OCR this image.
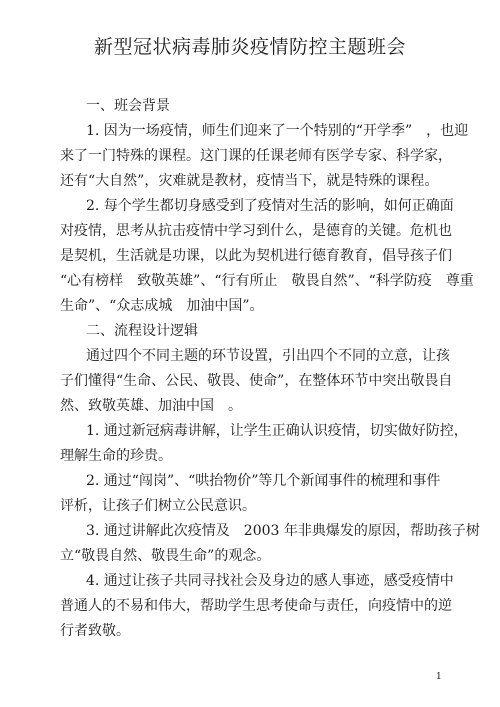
新型冠状病毒肺炎疫情防控主题班会
一、班会背景
1. 因为一场疫情，师生们迎来了一个特别的“开学季”　，也迎
来了一门特殊的课程。这门课的任课老师有医学专家、科学家，
还有“大自然”，灾难就是教材，疫情当下，就是特殊的课程。
2. 每个学生都切身感受到了疫情对生活的影响，如何正确面
对疫情，思考从抗击疫情中学习到什么，是德育的关键。危机也
是契机，生活就是功课，以此为契机进行德育教育，倡导孩子们
“心有榜样　致敬英雄”、“行有所止　敬畏自然”、“科学防疫　尊重
生命”、“众志成城　加油中国”。
二、流程设计逻辑
通过四个不同主题的环节设置，引出四个不同的立意，让孩
子们懂得“生命、公民、敬畏、使命”，在整体环节中突出敬畏自
然、致敬英雄、加油中国　。
1. 通过新冠病毒讲解，让学生正确认识疫情，切实做好防控，
理解生命的珍贵。
2. 通过“闯岗”、“哄抬物价”等几个新闻事件的梳理和事件
评析，让孩子们树立公民意识。
3. 通过讲解此次疫情及　2003 年非典爆发的原因，帮助孩子树
立“敬畏自然、敬畏生命”的观念。
4. 通过让孩子共同寻找社会及身边的感人事迹，感受疫情中
普通人的不易和伟大，帮助学生思考使命与责任，向疫情中的逆
行者致敬。
1
